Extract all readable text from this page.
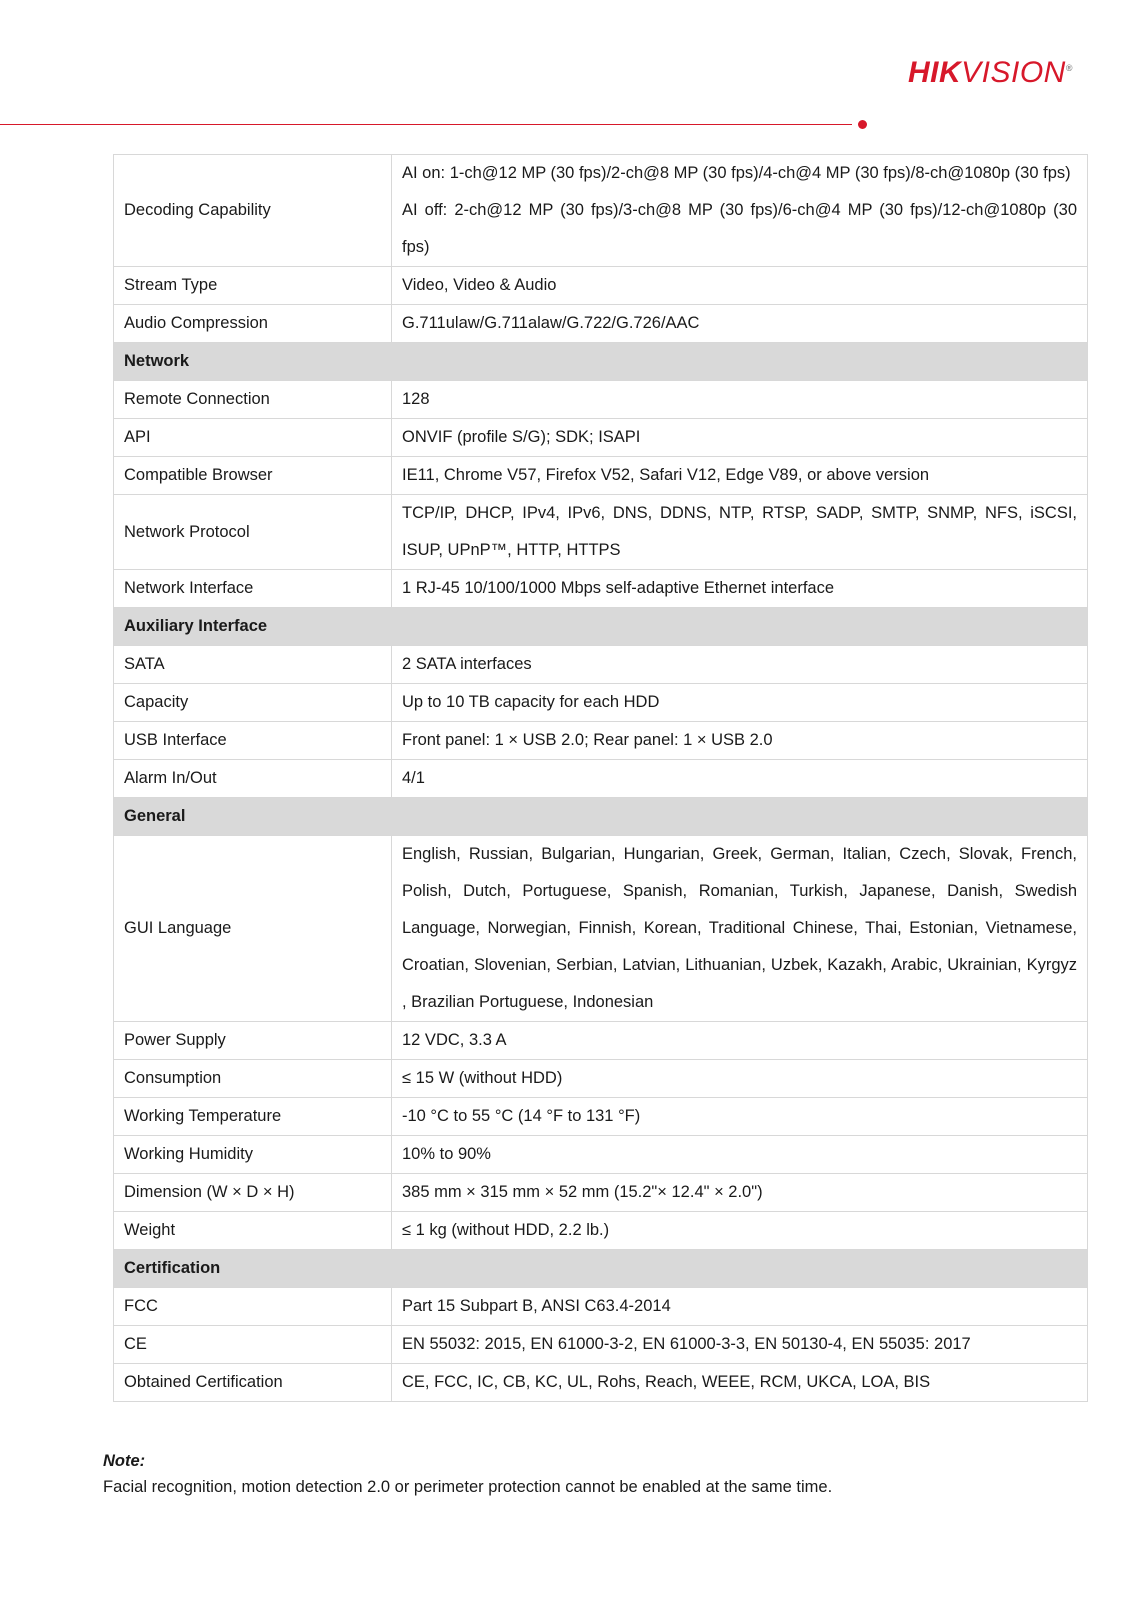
HIKVISION®
Decoding Capability	AI on: 1-ch@12 MP (30 fps)/2-ch@8 MP (30 fps)/4-ch@4 MP (30 fps)/8-ch@1080p (30 fps)
AI off: 2-ch@12 MP (30 fps)/3-ch@8 MP (30 fps)/6-ch@4 MP (30 fps)/12-ch@1080p (30 fps)

Stream Type	Video, Video & Audio

Audio Compression	G.711ulaw/G.711alaw/G.722/G.726/AAC

Network	
Remote Connection	128

API	ONVIF (profile S/G); SDK; ISAPI

Compatible Browser	IE11, Chrome V57, Firefox V52, Safari V12, Edge V89, or above version

Network Protocol	TCP/IP, DHCP, IPv4, IPv6, DNS, DDNS, NTP, RTSP, SADP, SMTP, SNMP, NFS, iSCSI, ISUP, UPnP™, HTTP, HTTPS

Network Interface	1 RJ-45 10/100/1000 Mbps self-adaptive Ethernet interface

Auxiliary Interface	
SATA	2 SATA interfaces

Capacity	Up to 10 TB capacity for each HDD

USB Interface	Front panel: 1 × USB 2.0; Rear panel: 1 × USB 2.0

Alarm In/Out	4/1

General	
GUI Language	English, Russian, Bulgarian, Hungarian, Greek, German, Italian, Czech, Slovak, French, Polish, Dutch, Portuguese, Spanish, Romanian, Turkish, Japanese, Danish, Swedish Language, Norwegian, Finnish, Korean, Traditional Chinese, Thai, Estonian, Vietnamese, Croatian, Slovenian, Serbian, Latvian, Lithuanian, Uzbek, Kazakh, Arabic, Ukrainian, Kyrgyz , Brazilian Portuguese, Indonesian

Power Supply	12 VDC, 3.3 A

Consumption	≤ 15 W (without HDD)

Working Temperature	-10 °C to 55 °C (14 °F to 131 °F)

Working Humidity	10% to 90%

Dimension (W × D × H)	385 mm × 315 mm × 52 mm (15.2"× 12.4" × 2.0")

Weight	≤ 1 kg (without HDD, 2.2 lb.)

Certification	
FCC	Part 15 Subpart B, ANSI C63.4-2014

CE	EN 55032: 2015, EN 61000-3-2, EN 61000-3-3, EN 50130-4, EN 55035: 2017

Obtained Certification	CE, FCC, IC, CB, KC, UL, Rohs, Reach, WEEE, RCM, UKCA, LOA, BIS
Note:
Facial recognition, motion detection 2.0 or perimeter protection cannot be enabled at the same time.
